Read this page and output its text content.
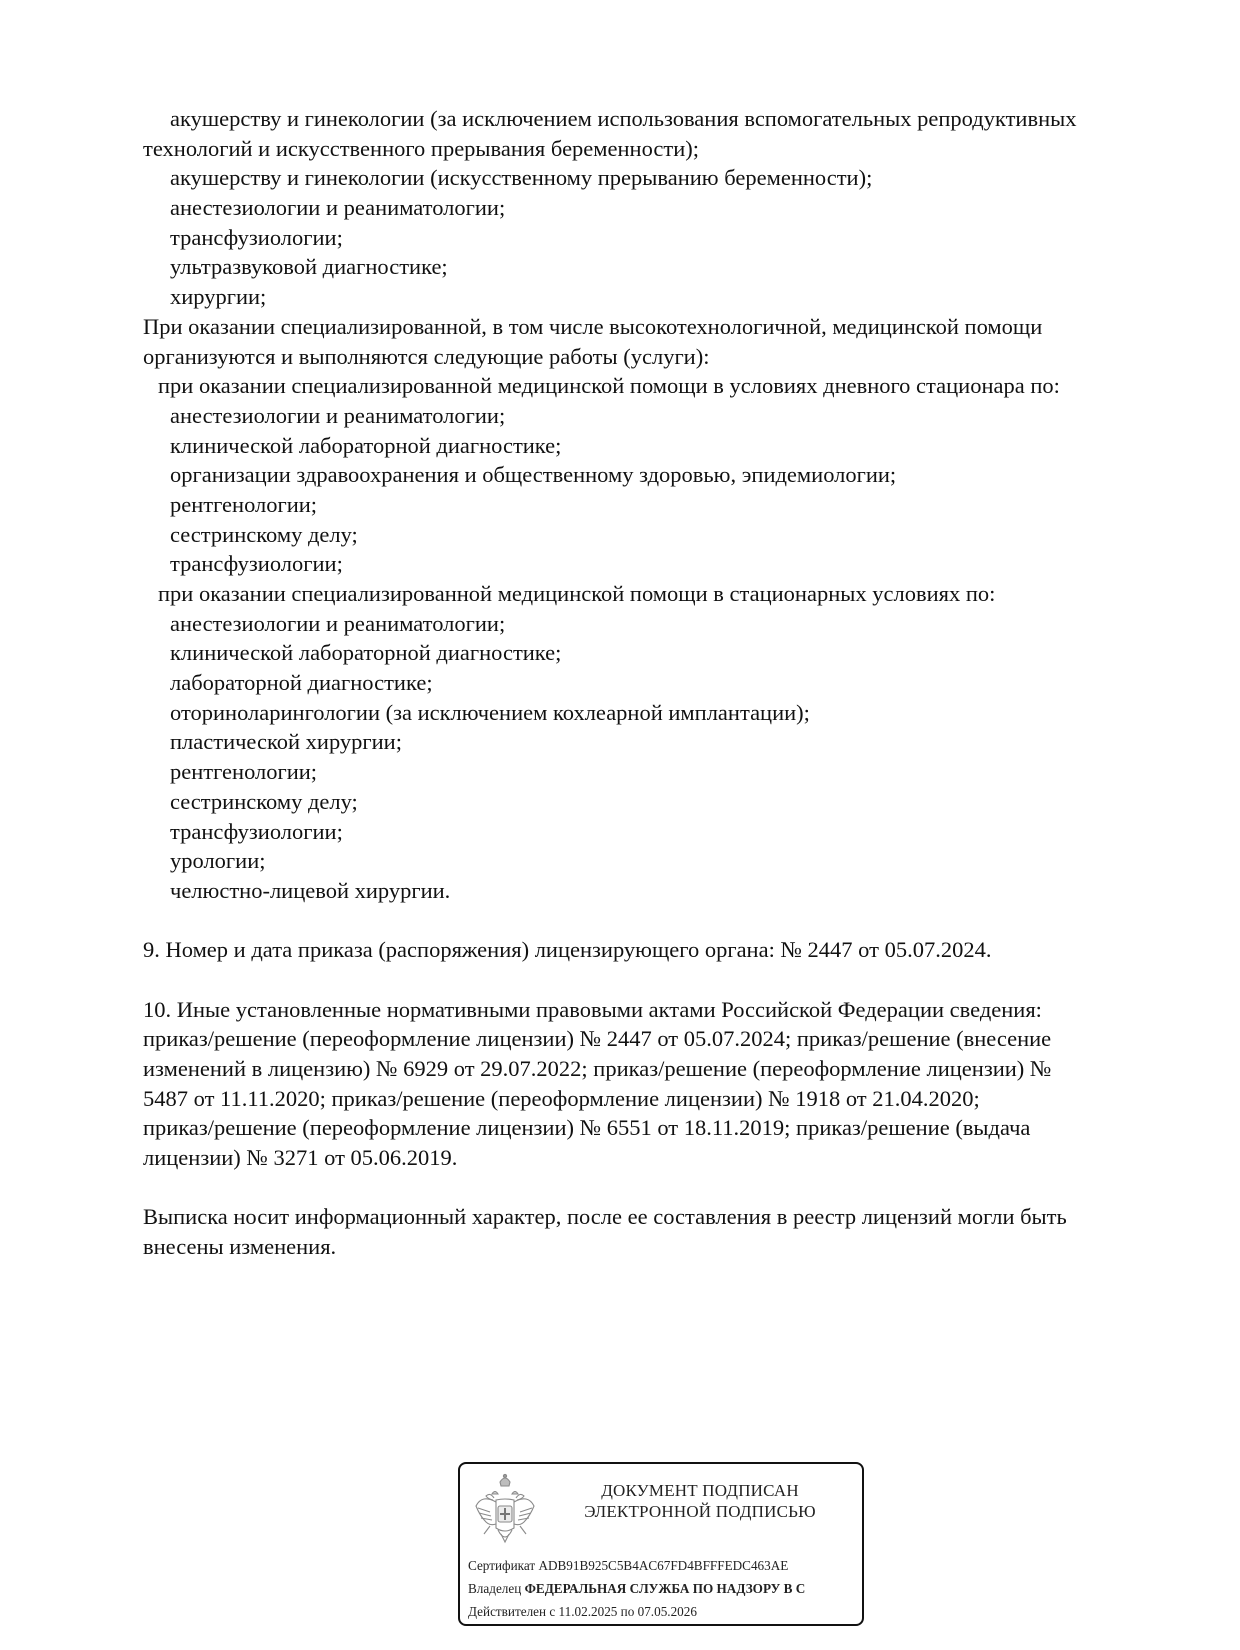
акушерству и гинекологии (за исключением использования вспомогательных репродуктивных
технологий и искусственного прерывания беременности);
акушерству и гинекологии (искусственному прерыванию беременности);
анестезиологии и реаниматологии;
трансфузиологии;
ультразвуковой диагностике;
хирургии;
При оказании специализированной, в том числе высокотехнологичной, медицинской помощи
организуются и выполняются следующие работы (услуги):
при оказании специализированной медицинской помощи в условиях дневного стационара по:
анестезиологии и реаниматологии;
клинической лабораторной диагностике;
организации здравоохранения и общественному здоровью, эпидемиологии;
рентгенологии;
сестринскому делу;
трансфузиологии;
при оказании специализированной медицинской помощи в стационарных условиях по:
анестезиологии и реаниматологии;
клинической лабораторной диагностике;
лабораторной диагностике;
оториноларингологии (за исключением кохлеарной имплантации);
пластической хирургии;
рентгенологии;
сестринскому делу;
трансфузиологии;
урологии;
челюстно-лицевой хирургии.
9. Номер и дата приказа (распоряжения) лицензирующего органа: № 2447 от 05.07.2024.
10. Иные установленные нормативными правовыми актами Российской Федерации сведения:
приказ/решение (переоформление лицензии) № 2447 от 05.07.2024; приказ/решение (внесение
изменений в лицензию) № 6929 от 29.07.2022; приказ/решение (переоформление лицензии) №
5487 от 11.11.2020; приказ/решение (переоформление лицензии) № 1918 от 21.04.2020;
приказ/решение (переоформление лицензии) № 6551 от 18.11.2019; приказ/решение (выдача
лицензии) № 3271 от 05.06.2019.
Выписка носит информационный характер, после ее составления в реестр лицензий могли быть
внесены изменения.
ДОКУМЕНТ ПОДПИСАН
ЭЛЕКТРОННОЙ ПОДПИСЬЮ
Сертификат ADB91B925C5B4AC67FD4BFFFEDC463AE
Владелец ФЕДЕРАЛЬНАЯ СЛУЖБА ПО НАДЗОРУ В С
Действителен с 11.02.2025 по 07.05.2026
